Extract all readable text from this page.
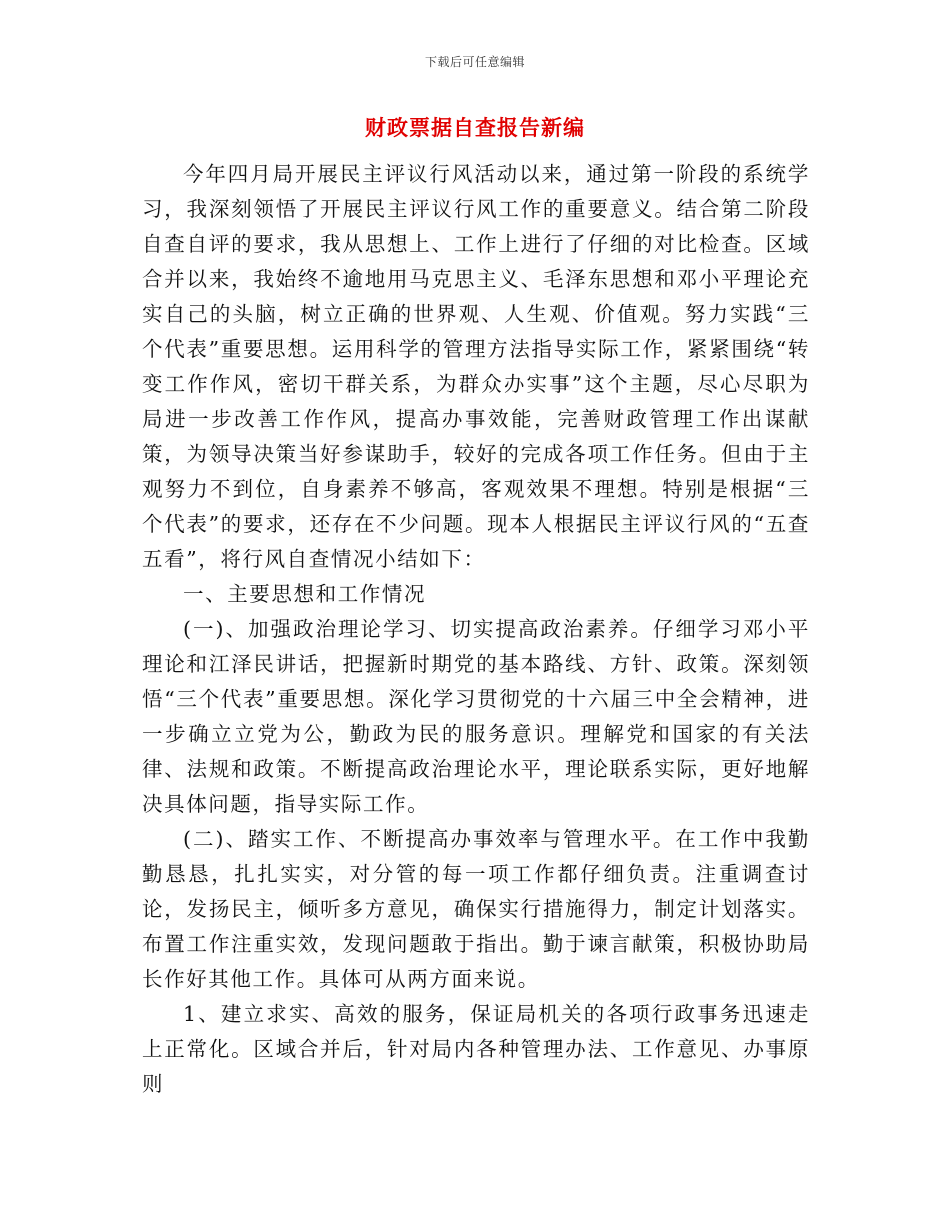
下载后可任意编辑
财政票据自查报告新编

今年四月局开展民主评议行风活动以来，通过第一阶段的系统学习，我深刻领悟了开展民主评议行风工作的重要意义。结合第二阶段自查自评的要求，我从思想上、工作上进行了仔细的对比检查。区域合并以来，我始终不逾地用马克思主义、毛泽东思想和邓小平理论充实自己的头脑，树立正确的世界观、人生观、价值观。努力实践“三个代表”重要思想。运用科学的管理方法指导实际工作，紧紧围绕“转变工作作风，密切干群关系，为群众办实事”这个主题，尽心尽职为局进一步改善工作作风，提高办事效能，完善财政管理工作出谋献策，为领导决策当好参谋助手，较好的完成各项工作任务。但由于主观努力不到位，自身素养不够高，客观效果不理想。特别是根据“三个代表”的要求，还存在不少问题。现本人根据民主评议行风的“五查五看”，将行风自查情况小结如下：

一、主要思想和工作情况

(一)、加强政治理论学习、切实提高政治素养。仔细学习邓小平理论和江泽民讲话，把握新时期党的基本路线、方针、政策。深刻领悟“三个代表”重要思想。深化学习贯彻党的十六届三中全会精神，进一步确立立党为公，勤政为民的服务意识。理解党和国家的有关法律、法规和政策。不断提高政治理论水平，理论联系实际，更好地解决具体问题，指导实际工作。

(二)、踏实工作、不断提高办事效率与管理水平。在工作中我勤勤恳恳，扎扎实实，对分管的每一项工作都仔细负责。注重调查讨论，发扬民主，倾听多方意见，确保实行措施得力，制定计划落实。布置工作注重实效，发现问题敢于指出。勤于谏言献策，积极协助局长作好其他工作。具体可从两方面来说。

1、建立求实、高效的服务，保证局机关的各项行政事务迅速走上正常化。区域合并后，针对局内各种管理办法、工作意见、办事原则
